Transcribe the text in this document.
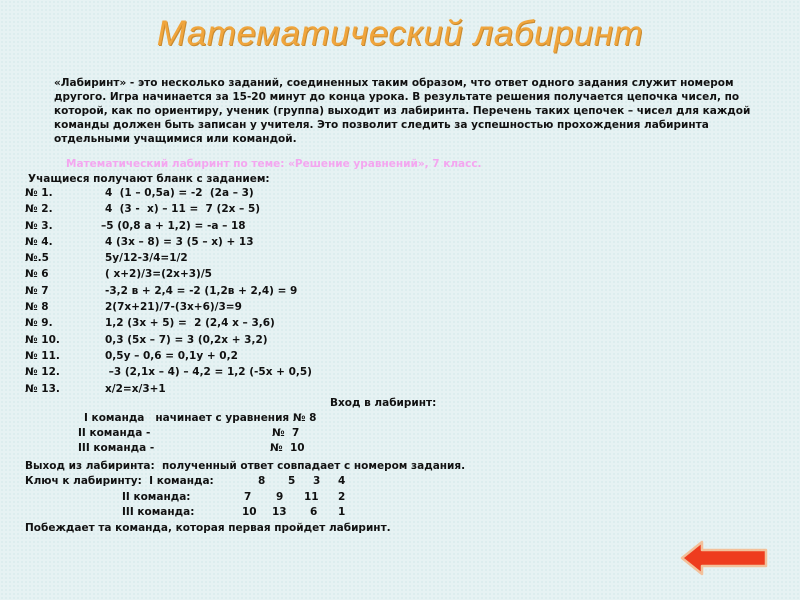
Математический лабиринт
«Лабиринт» - это несколько заданий, соединенных таким образом, что ответ одного задания служит номером другого. Игра начинается за 15-20 минут до конца урока. В результате решения получается цепочка чисел, по которой, как по ориентиру, ученик (группа) выходит из лабиринта. Перечень таких цепочек – чисел для каждой команды должен быть записан у учителя. Это позволит следить за успешностью прохождения лабиринта отдельными учащимися или командой.
Математический лабиринт по теме: «Решение уравнений», 7 класс.
Учащиеся получают бланк с заданием:
№ 1.	4  (1 – 0,5a) = -2  (2a – 3)
№ 2.	4  (3 -  x) – 11 =  7 (2x – 5)
№ 3.	–5 (0,8 a + 1,2) = -a – 18
№ 4.	4 (3x – 8) = 3 (5 – x) + 13
№.5	5y/12-3/4=1/2
№ 6	( x+2)/3=(2x+3)/5
№ 7	-3,2 в + 2,4 = -2 (1,2в + 2,4) = 9
№ 8	2(7x+21)/7-(3x+6)/3=9
№ 9.	1,2 (3x + 5) =  2 (2,4 x – 3,6)
№ 10.	0,3 (5x – 7) = 3 (0,2x + 3,2)
№ 11.	0,5y – 0,6 = 0,1y + 0,2
№ 12.	–3 (2,1x – 4) – 4,2 = 1,2 (-5x + 0,5)
№ 13.	x/2=x/3+1
Вход в лабиринт:
I команда   начинает с уравнения № 8
II команда -	№  7
III команда -	№  10
Выход из лабиринта:  полученный ответ совпадает с номером задания.
Ключ к лабиринту:  I команда:	8 5 3 4
II команда:	7 9 11 2
III команда:	10 13 6 1
Побеждает та команда, которая первая пройдет лабиринт.
